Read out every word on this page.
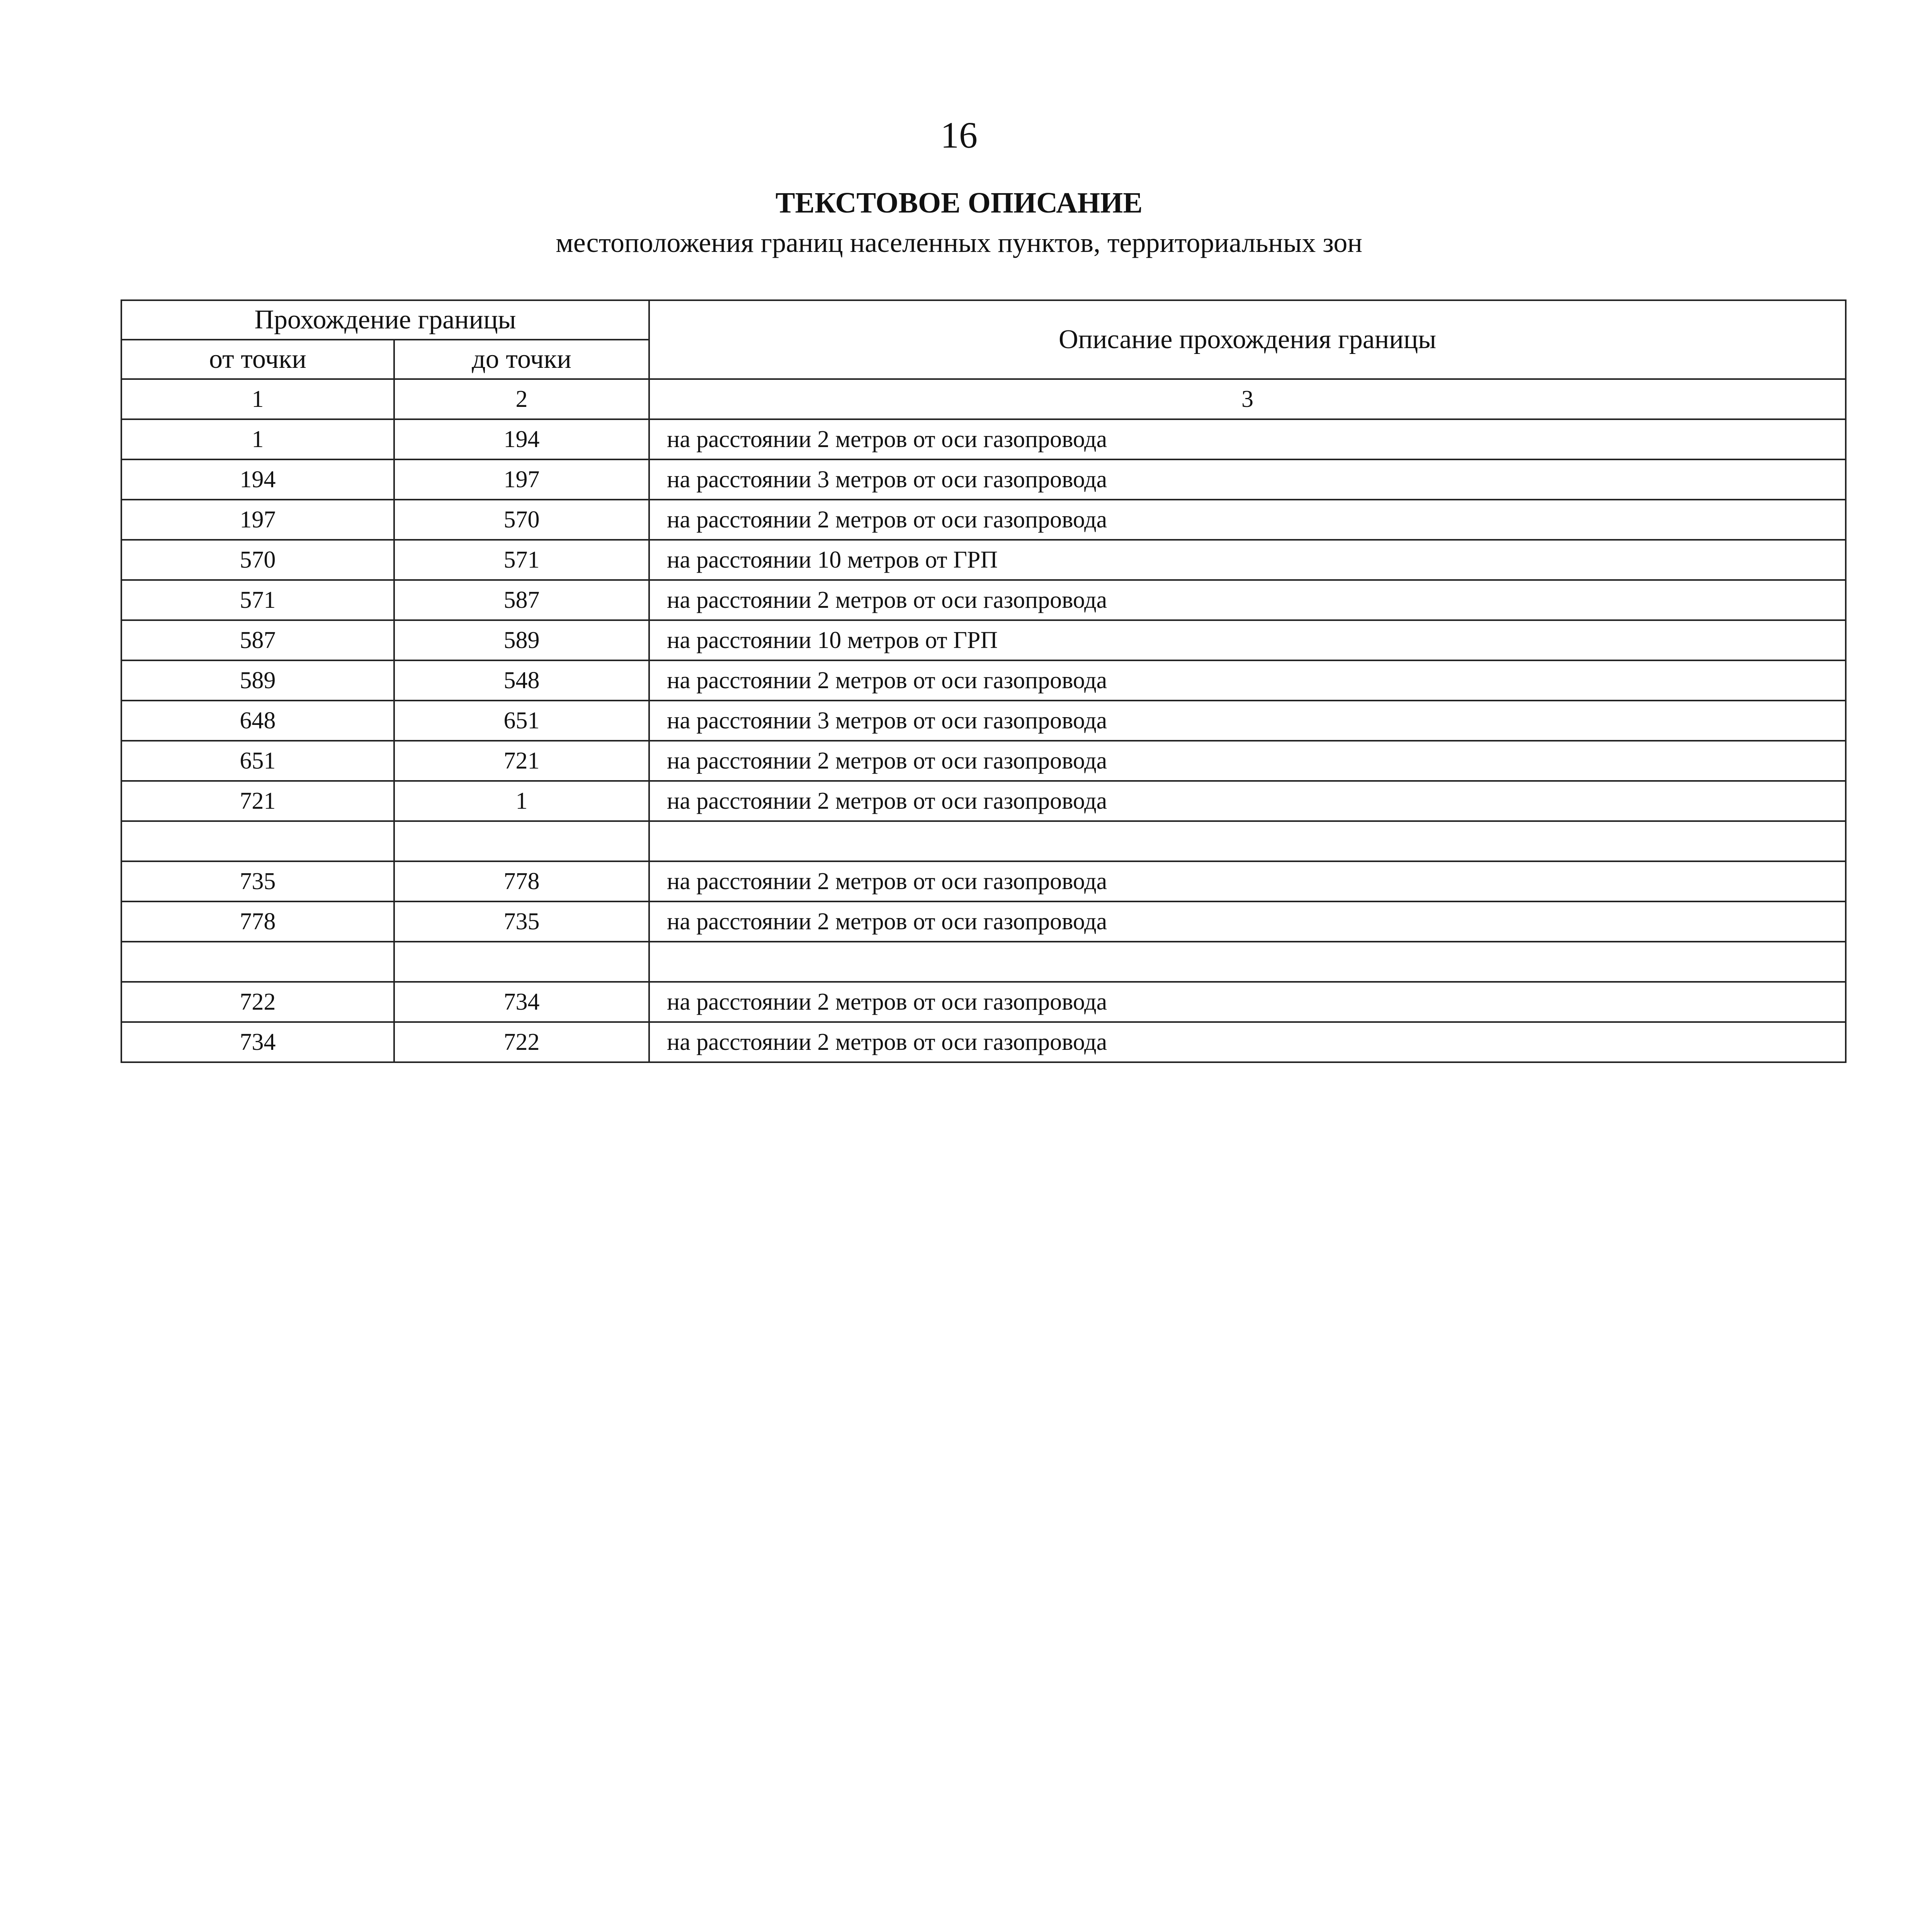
16
ТЕКСТОВОЕ ОПИСАНИЕ
местоположения границ населенных пунктов, территориальных зон
Прохождение границы		Описание прохождения границы
от точки	до точки	
1	2	3
1	194	на расстоянии 2 метров от оси газопровода
194	197	на расстоянии 3 метров от оси газопровода
197	570	на расстоянии 2 метров от оси газопровода
570	571	на расстоянии 10 метров от ГРП
571	587	на расстоянии 2 метров от оси газопровода
587	589	на расстоянии 10 метров от ГРП
589	548	на расстоянии 2 метров от оси газопровода
648	651	на расстоянии 3 метров от оси газопровода
651	721	на расстоянии 2 метров от оси газопровода
721	1	на расстоянии 2 метров от оси газопровода

735	778	на расстоянии 2 метров от оси газопровода
778	735	на расстоянии 2 метров от оси газопровода

722	734	на расстоянии 2 метров от оси газопровода
734	722	на расстоянии 2 метров от оси газопровода
